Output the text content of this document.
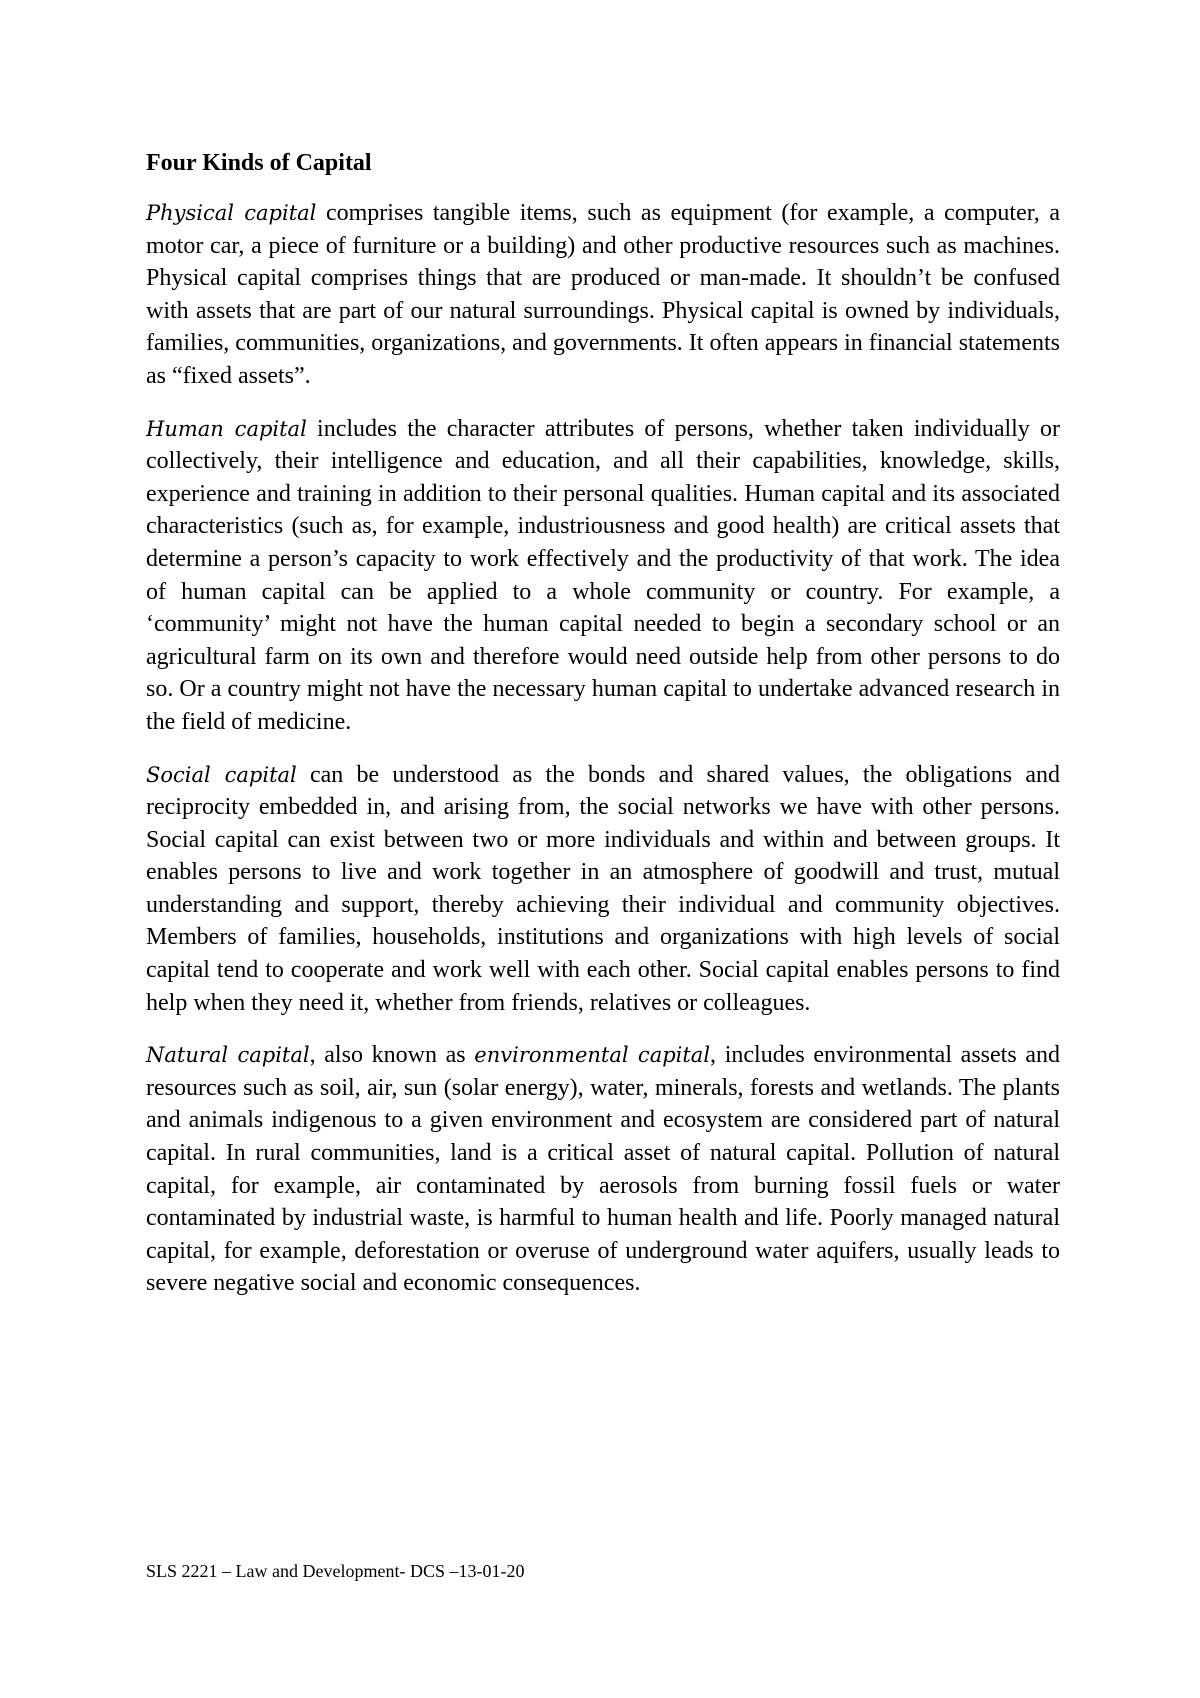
Four Kinds of Capital

Physical capital comprises tangible items, such as equipment (for example, a computer, a motor car, a piece of furniture or a building) and other productive resources such as machines. Physical capital comprises things that are produced or man-made. It shouldn’t be confused with assets that are part of our natural surroundings. Physical capital is owned by individuals, families, communities, organizations, and governments. It often appears in financial statements as “fixed assets”.

Human capital includes the character attributes of persons, whether taken individually or collectively, their intelligence and education, and all their capabilities, knowledge, skills, experience and training in addition to their personal qualities. Human capital and its associated characteristics (such as, for example, industriousness and good health) are critical assets that determine a person’s capacity to work effectively and the productivity of that work. The idea of human capital can be applied to a whole community or country. For example, a ‘community’ might not have the human capital needed to begin a secondary school or an agricultural farm on its own and therefore would need outside help from other persons to do so. Or a country might not have the necessary human capital to undertake advanced research in the field of medicine.

Social capital can be understood as the bonds and shared values, the obligations and reciprocity embedded in, and arising from, the social networks we have with other persons. Social capital can exist between two or more individuals and within and between groups. It enables persons to live and work together in an atmosphere of goodwill and trust, mutual understanding and support, thereby achieving their individual and community objectives. Members of families, households, institutions and organizations with high levels of social capital tend to cooperate and work well with each other. Social capital enables persons to find help when they need it, whether from friends, relatives or colleagues.

Natural capital, also known as environmental capital, includes environmental assets and resources such as soil, air, sun (solar energy), water, minerals, forests and wetlands. The plants and animals indigenous to a given environment and ecosystem are considered part of natural capital. In rural communities, land is a critical asset of natural capital. Pollution of natural capital, for example, air contaminated by aerosols from burning fossil fuels or water contaminated by industrial waste, is harmful to human health and life. Poorly managed natural capital, for example, deforestation or overuse of underground water aquifers, usually leads to severe negative social and economic consequences.

SLS 2221 – Law and Development- DCS –13-01-20
